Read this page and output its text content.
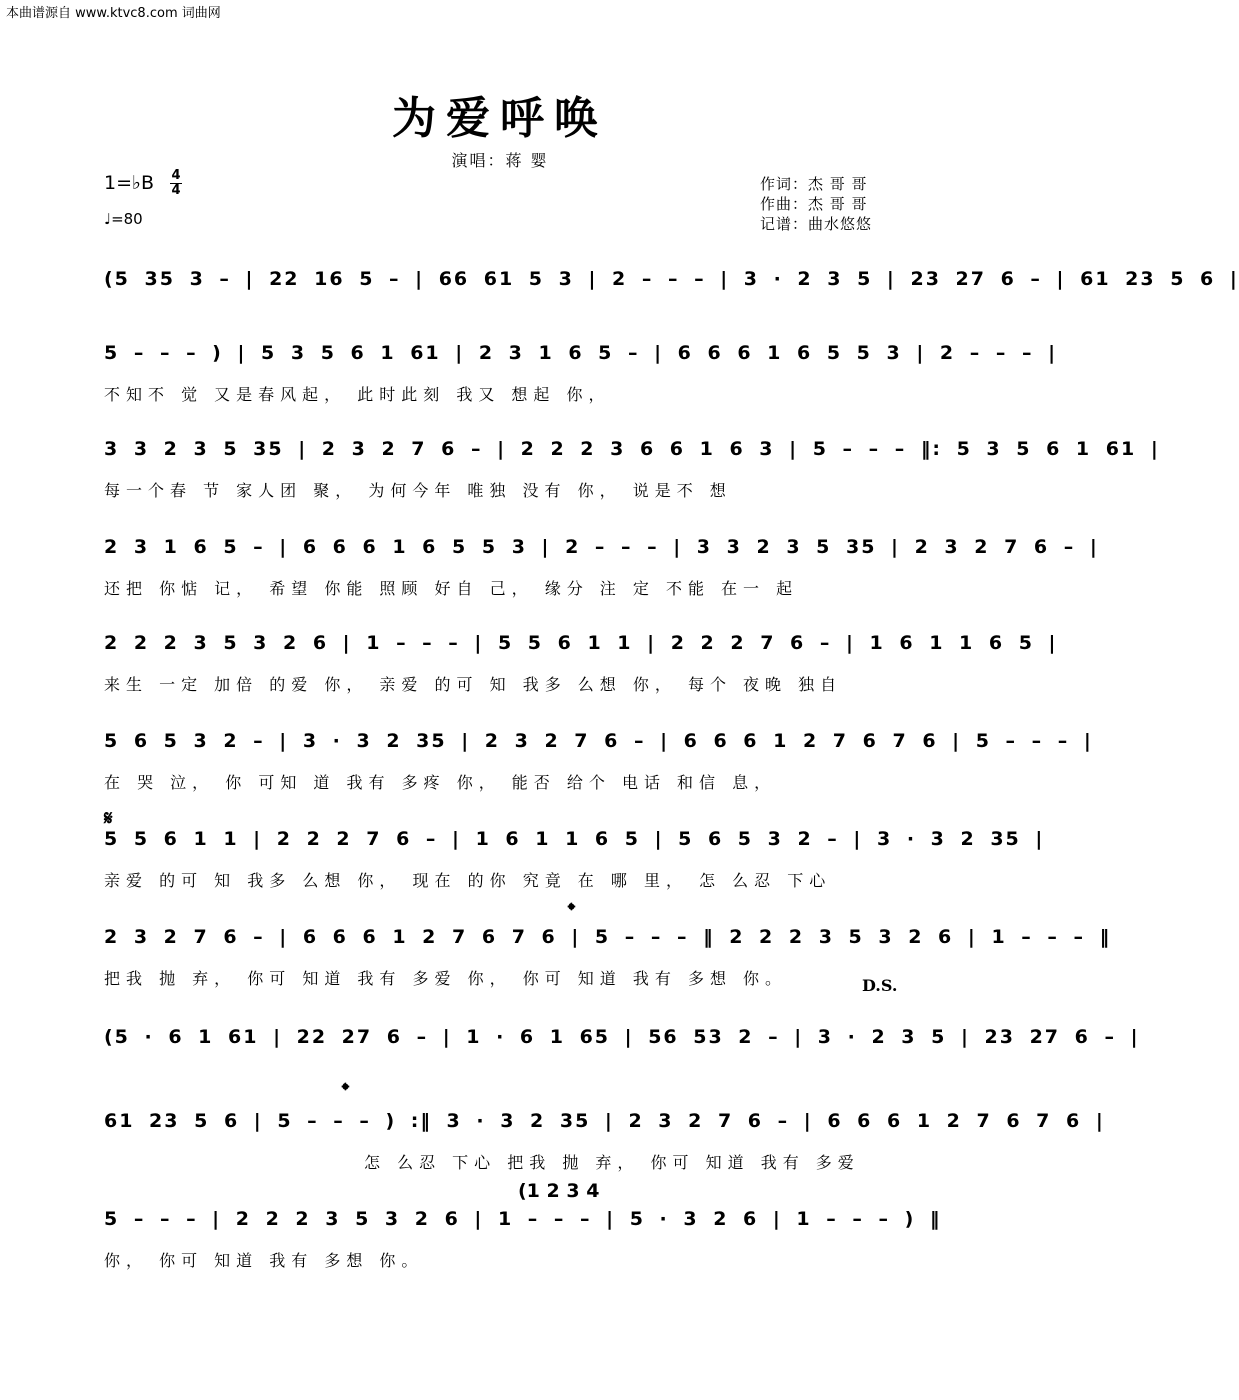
本曲谱源自 www.ktvc8.com 词曲网
为爱呼唤
演唱：蒋 婴
1=♭B 4
4
♩=80
作词：杰 哥 哥
作曲：杰 哥 哥
记谱：曲水悠悠
(5 35 3 – | 22 16 5 – | 66 61 5 3 | 2 – – – | 3 · 2 3 5 | 23 27 6 – | 61 23 5 6 |
5 – – – ) | 5 3 5 6 1 61 | 2 3 1 6 5 – | 6 6 6 1 6 5 5 3 | 2 – – – |
不知不 觉 又是春风起， 此时此刻 我又 想起 你，
3 3 2 3 5 35 | 2 3 2 7 6 – | 2 2 2 3 6 6 1 6 3 | 5 – – – ‖: 5 3 5 6 1 61 |
每一个春 节 家人团 聚， 为何今年 唯独 没有 你， 说是不 想
2 3 1 6 5 – | 6 6 6 1 6 5 5 3 | 2 – – – | 3 3 2 3 5 35 | 2 3 2 7 6 – |
还把 你惦 记， 希望 你能 照顾 好自 己， 缘分 注 定 不能 在一 起
2 2 2 3 5 3 2 6 | 1 – – – | 5 5 6 1 1 | 2 2 2 7 6 – | 1 6 1 1 6 5 |
来生 一定 加倍 的爱 你， 亲爱 的可 知 我多 么想 你， 每个 夜晚 独自
5 6 5 3 2 – | 3 · 3 2 35 | 2 3 2 7 6 – | 6 6 6 1 2 7 6 7 6 | 5 – – – |
在 哭 泣， 你 可知 道 我有 多疼 你， 能否 给个 电话 和信 息，
5 5 6 1 1 | 2 2 2 7 6 – | 1 6 1 1 6 5 | 5 6 5 3 2 – | 3 · 3 2 35 |
亲爱 的可 知 我多 么想 你， 现在 的你 究竟 在 哪 里， 怎 么忍 下心
2 3 2 7 6 – | 6 6 6 1 2 7 6 7 6 | 5 – – – ‖ 2 2 2 3 5 3 2 6 | 1 – – – ‖
把我 抛 弃， 你可 知道 我有 多爱 你， 你可 知道 我有 多想 你。
(5 · 6 1 61 | 22 27 6 – | 1 · 6 1 65 | 56 53 2 – | 3 · 2 3 5 | 23 27 6 – |
61 23 5 6 | 5 – – – ) :‖ 3 · 3 2 35 | 2 3 2 7 6 – | 6 6 6 1 2 7 6 7 6 |
怎 么忍 下心 把我 抛 弃， 你可 知道 我有 多爱
5 – – – | 2 2 2 3 5 3 2 6 | 1 – – – | 5 · 3 2 6 | 1 – – – ) ‖
你， 你可 知道 我有 多想 你。
𝄋
𝄌
𝄌
D.S.
(1 2 3 4
